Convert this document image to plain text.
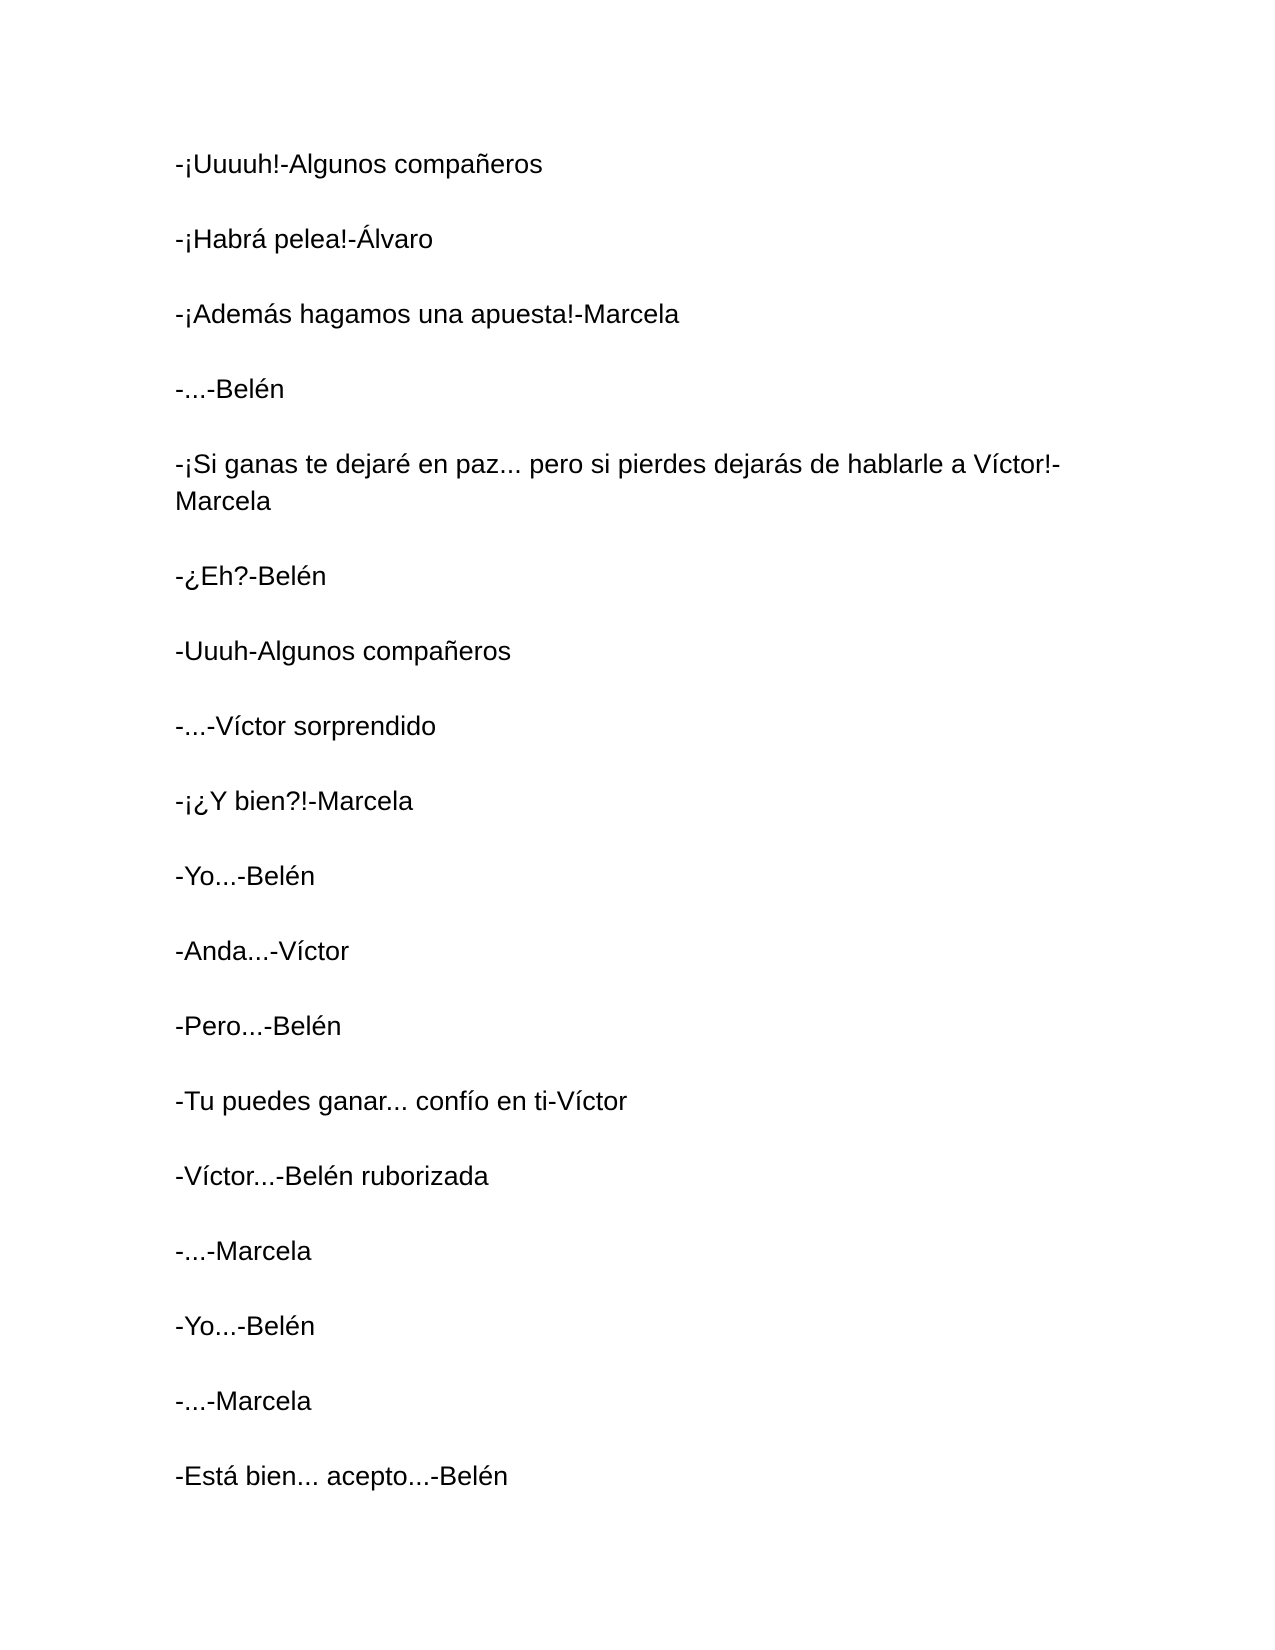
-¡Uuuuh!-Algunos compañeros

-¡Habrá pelea!-Álvaro

-¡Además hagamos una apuesta!-Marcela

-...-Belén

-¡Si ganas te dejaré en paz... pero si pierdes dejarás de hablarle a Víctor!-Marcela

-¿Eh?-Belén

-Uuuh-Algunos compañeros

-...-Víctor sorprendido

-¡¿Y bien?!-Marcela

-Yo...-Belén

-Anda...-Víctor

-Pero...-Belén

-Tu puedes ganar... confío en ti-Víctor

-Víctor...-Belén ruborizada

-...-Marcela

-Yo...-Belén

-...-Marcela

-Está bien... acepto...-Belén
